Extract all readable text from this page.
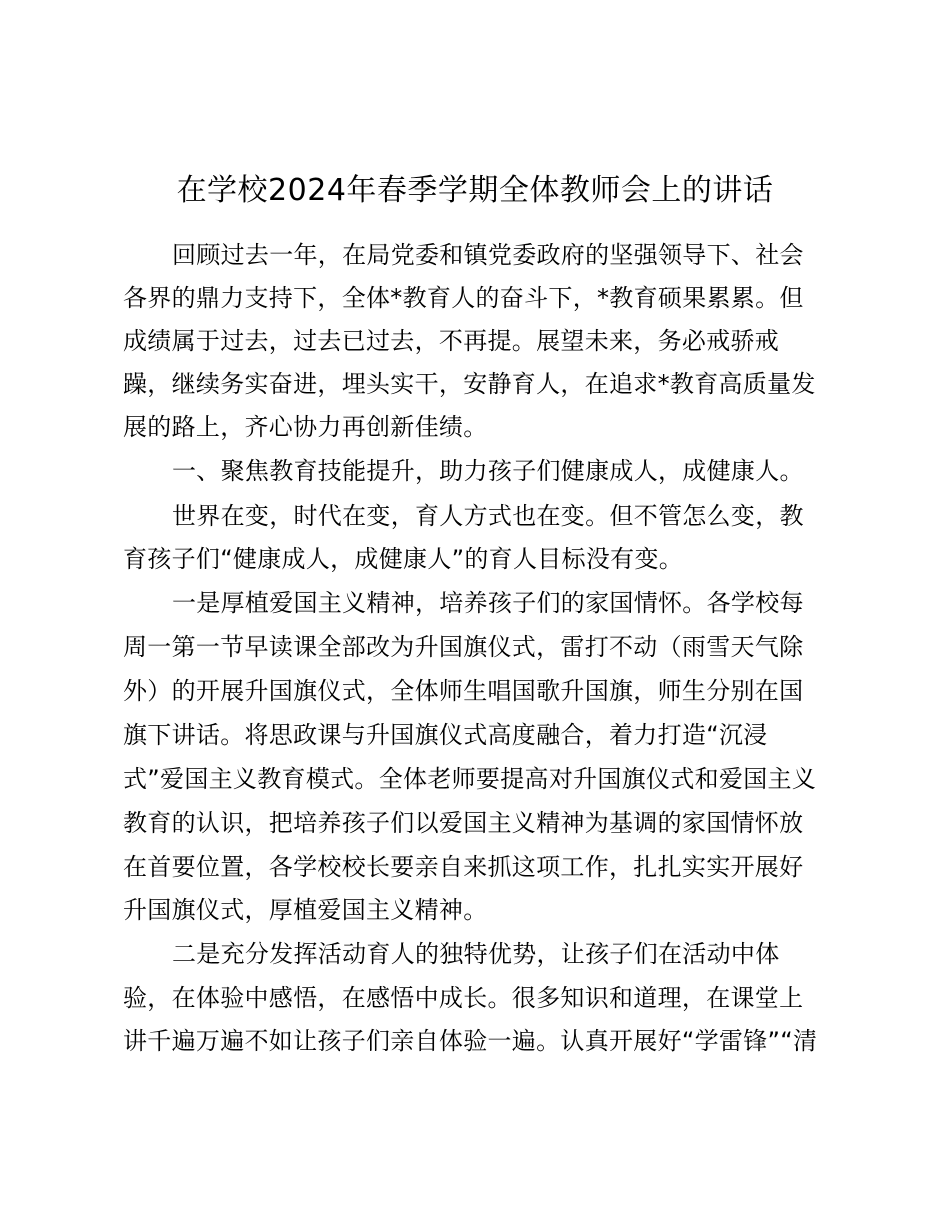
在学校2024年春季学期全体教师会上的讲话
回顾过去一年，在局党委和镇党委政府的坚强领导下、社会
各界的鼎力支持下，全体*教育人的奋斗下，*教育硕果累累。但
成绩属于过去，过去已过去，不再提。展望未来，务必戒骄戒
躁，继续务实奋进，埋头实干，安静育人，在追求*教育高质量发
展的路上，齐心协力再创新佳绩。
一、聚焦教育技能提升，助力孩子们健康成人，成健康人。
世界在变，时代在变，育人方式也在变。但不管怎么变，教
育孩子们“健康成人，成健康人”的育人目标没有变。
一是厚植爱国主义精神，培养孩子们的家国情怀。各学校每
周一第一节早读课全部改为升国旗仪式，雷打不动（雨雪天气除
外）的开展升国旗仪式，全体师生唱国歌升国旗，师生分别在国
旗下讲话。将思政课与升国旗仪式高度融合，着力打造“沉浸
式”爱国主义教育模式。全体老师要提高对升国旗仪式和爱国主义
教育的认识，把培养孩子们以爱国主义精神为基调的家国情怀放
在首要位置，各学校校长要亲自来抓这项工作，扎扎实实开展好
升国旗仪式，厚植爱国主义精神。
二是充分发挥活动育人的独特优势，让孩子们在活动中体
验，在体验中感悟，在感悟中成长。很多知识和道理，在课堂上
讲千遍万遍不如让孩子们亲自体验一遍。认真开展好“学雷锋”“清
